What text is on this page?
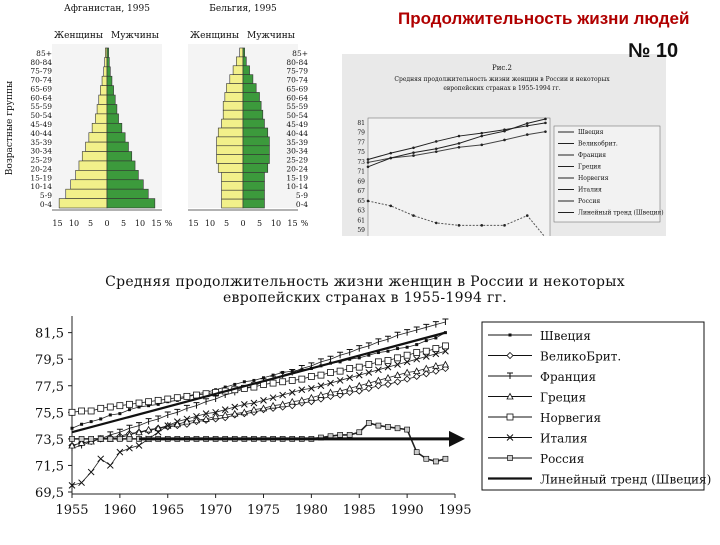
Афганистан, 1995
Женщины Мужчины
15 10 5 0 5 10 15 %
Бельгия, 1995
Женщины Мужчины
15 10 5 0 5 10 15 %
85+	85+
80-84	80-84
75-79	75-79
70-74	70-74
65-69	65-69
60-64	60-64
55-59	55-59
50-54	50-54
45-49	45-49
40-44	40-44
35-39	35-39
30-34	30-34
25-29	25-29
20-24	20-24
15-19	15-19
10-14	10-14
5-9	5-9
0-4	0-4
Возрастные группы
Рис.2
Средняя продолжительность жизни женщин в России и некоторых
европейских странах в 1955-1994 гг.
81
79
77
75
73
71
69
67
65
63
61
59
Швеция
Великобрит.
Франция
Греция
Норвегия
Италия
Россия
Линейный тренд (Швеция)
Средняя продолжительность жизни женщин в России и некоторых
европейских странах в 1955-1994 гг.
81,5
79,5
77,5
75,5
73,5
71,5
69,5
1955 1960 1965 1970 1975 1980 1985 1990 1995
Швеция
ВеликоБрит.
Франция
Греция
Норвегия
Италия
Россия
Линейный тренд (Швеция)
Продолжительность жизни людей
№ 10
